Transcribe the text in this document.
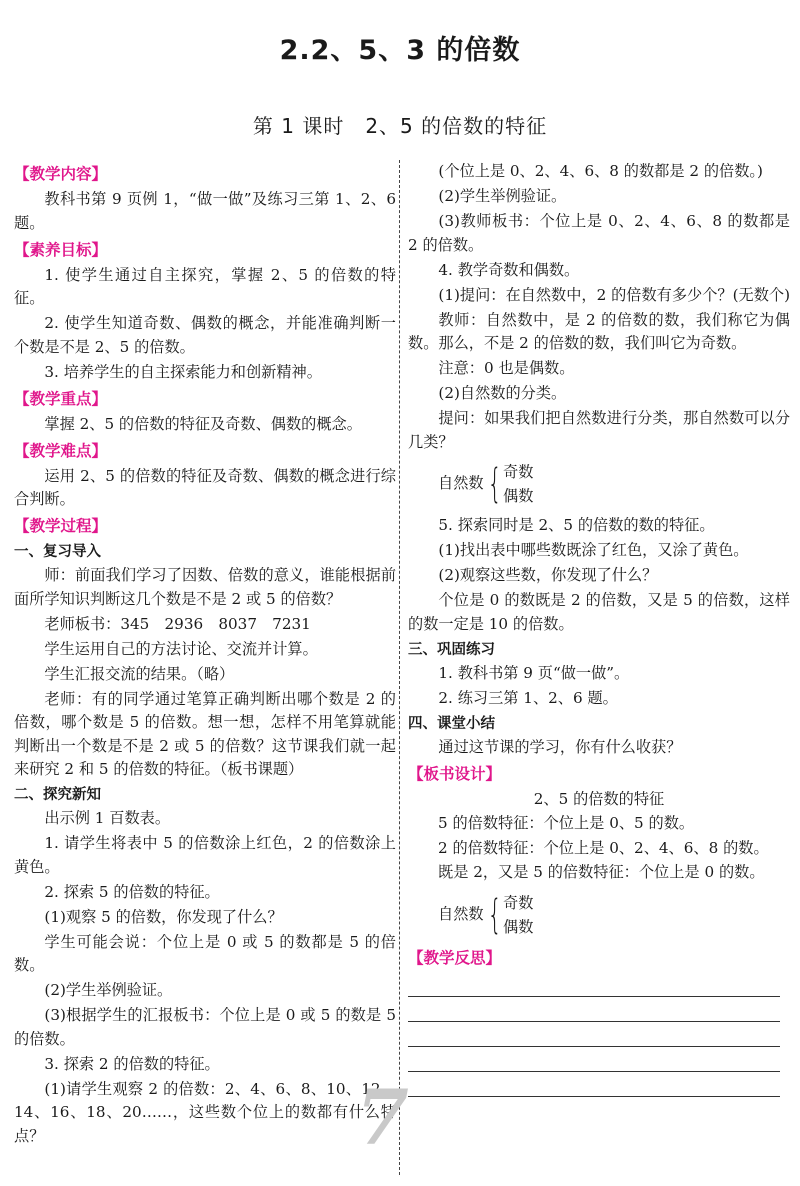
2.2、5、3 的倍数
第 1 课时　2、5 的倍数的特征
【教学内容】
教科书第 9 页例 1，“做一做”及练习三第 1、2、6 题。
【素养目标】
1. 使学生通过自主探究，掌握 2、5 的倍数的特征。
2. 使学生知道奇数、偶数的概念，并能准确判断一个数是不是 2、5 的倍数。
3. 培养学生的自主探索能力和创新精神。
【教学重点】
掌握 2、5 的倍数的特征及奇数、偶数的概念。
【教学难点】
运用 2、5 的倍数的特征及奇数、偶数的概念进行综合判断。
【教学过程】
一、复习导入
师：前面我们学习了因数、倍数的意义，谁能根据前面所学知识判断这几个数是不是 2 或 5 的倍数？
老师板书：345　2936　8037　7231
学生运用自己的方法讨论、交流并计算。
学生汇报交流的结果。（略）
老师：有的同学通过笔算正确判断出哪个数是 2 的倍数，哪个数是 5 的倍数。想一想，怎样不用笔算就能判断出一个数是不是 2 或 5 的倍数？这节课我们就一起来研究 2 和 5 的倍数的特征。（板书课题）
二、探究新知
出示例 1 百数表。
1. 请学生将表中 5 的倍数涂上红色，2 的倍数涂上黄色。
2. 探索 5 的倍数的特征。
(1)观察 5 的倍数，你发现了什么？
学生可能会说：个位上是 0 或 5 的数都是 5 的倍数。
(2)学生举例验证。
(3)根据学生的汇报板书：个位上是 0 或 5 的数是 5 的倍数。
3. 探索 2 的倍数的特征。
(1)请学生观察 2 的倍数：2、4、6、8、10、12、14、16、18、20……，这些数个位上的数都有什么特点？
(个位上是 0、2、4、6、8 的数都是 2 的倍数。)
(2)学生举例验证。
(3)教师板书：个位上是 0、2、4、6、8 的数都是 2 的倍数。
4. 教学奇数和偶数。
(1)提问：在自然数中，2 的倍数有多少个？(无数个)
教师：自然数中，是 2 的倍数的数，我们称它为偶数。那么，不是 2 的倍数的数，我们叫它为奇数。
注意：0 也是偶数。
(2)自然数的分类。
提问：如果我们把自然数进行分类，那自然数可以分几类？
自然数 { 奇数
偶数
5. 探索同时是 2、5 的倍数的数的特征。
(1)找出表中哪些数既涂了红色，又涂了黄色。
(2)观察这些数，你发现了什么？
个位是 0 的数既是 2 的倍数，又是 5 的倍数，这样的数一定是 10 的倍数。
三、巩固练习
1. 教科书第 9 页“做一做”。
2. 练习三第 1、2、6 题。
四、课堂小结
通过这节课的学习，你有什么收获？
【板书设计】
2、5 的倍数的特征
5 的倍数特征：个位上是 0、5 的数。
2 的倍数特征：个位上是 0、2、4、6、8 的数。
既是 2，又是 5 的倍数特征：个位上是 0 的数。
自然数 { 奇数
偶数
【教学反思】
7
